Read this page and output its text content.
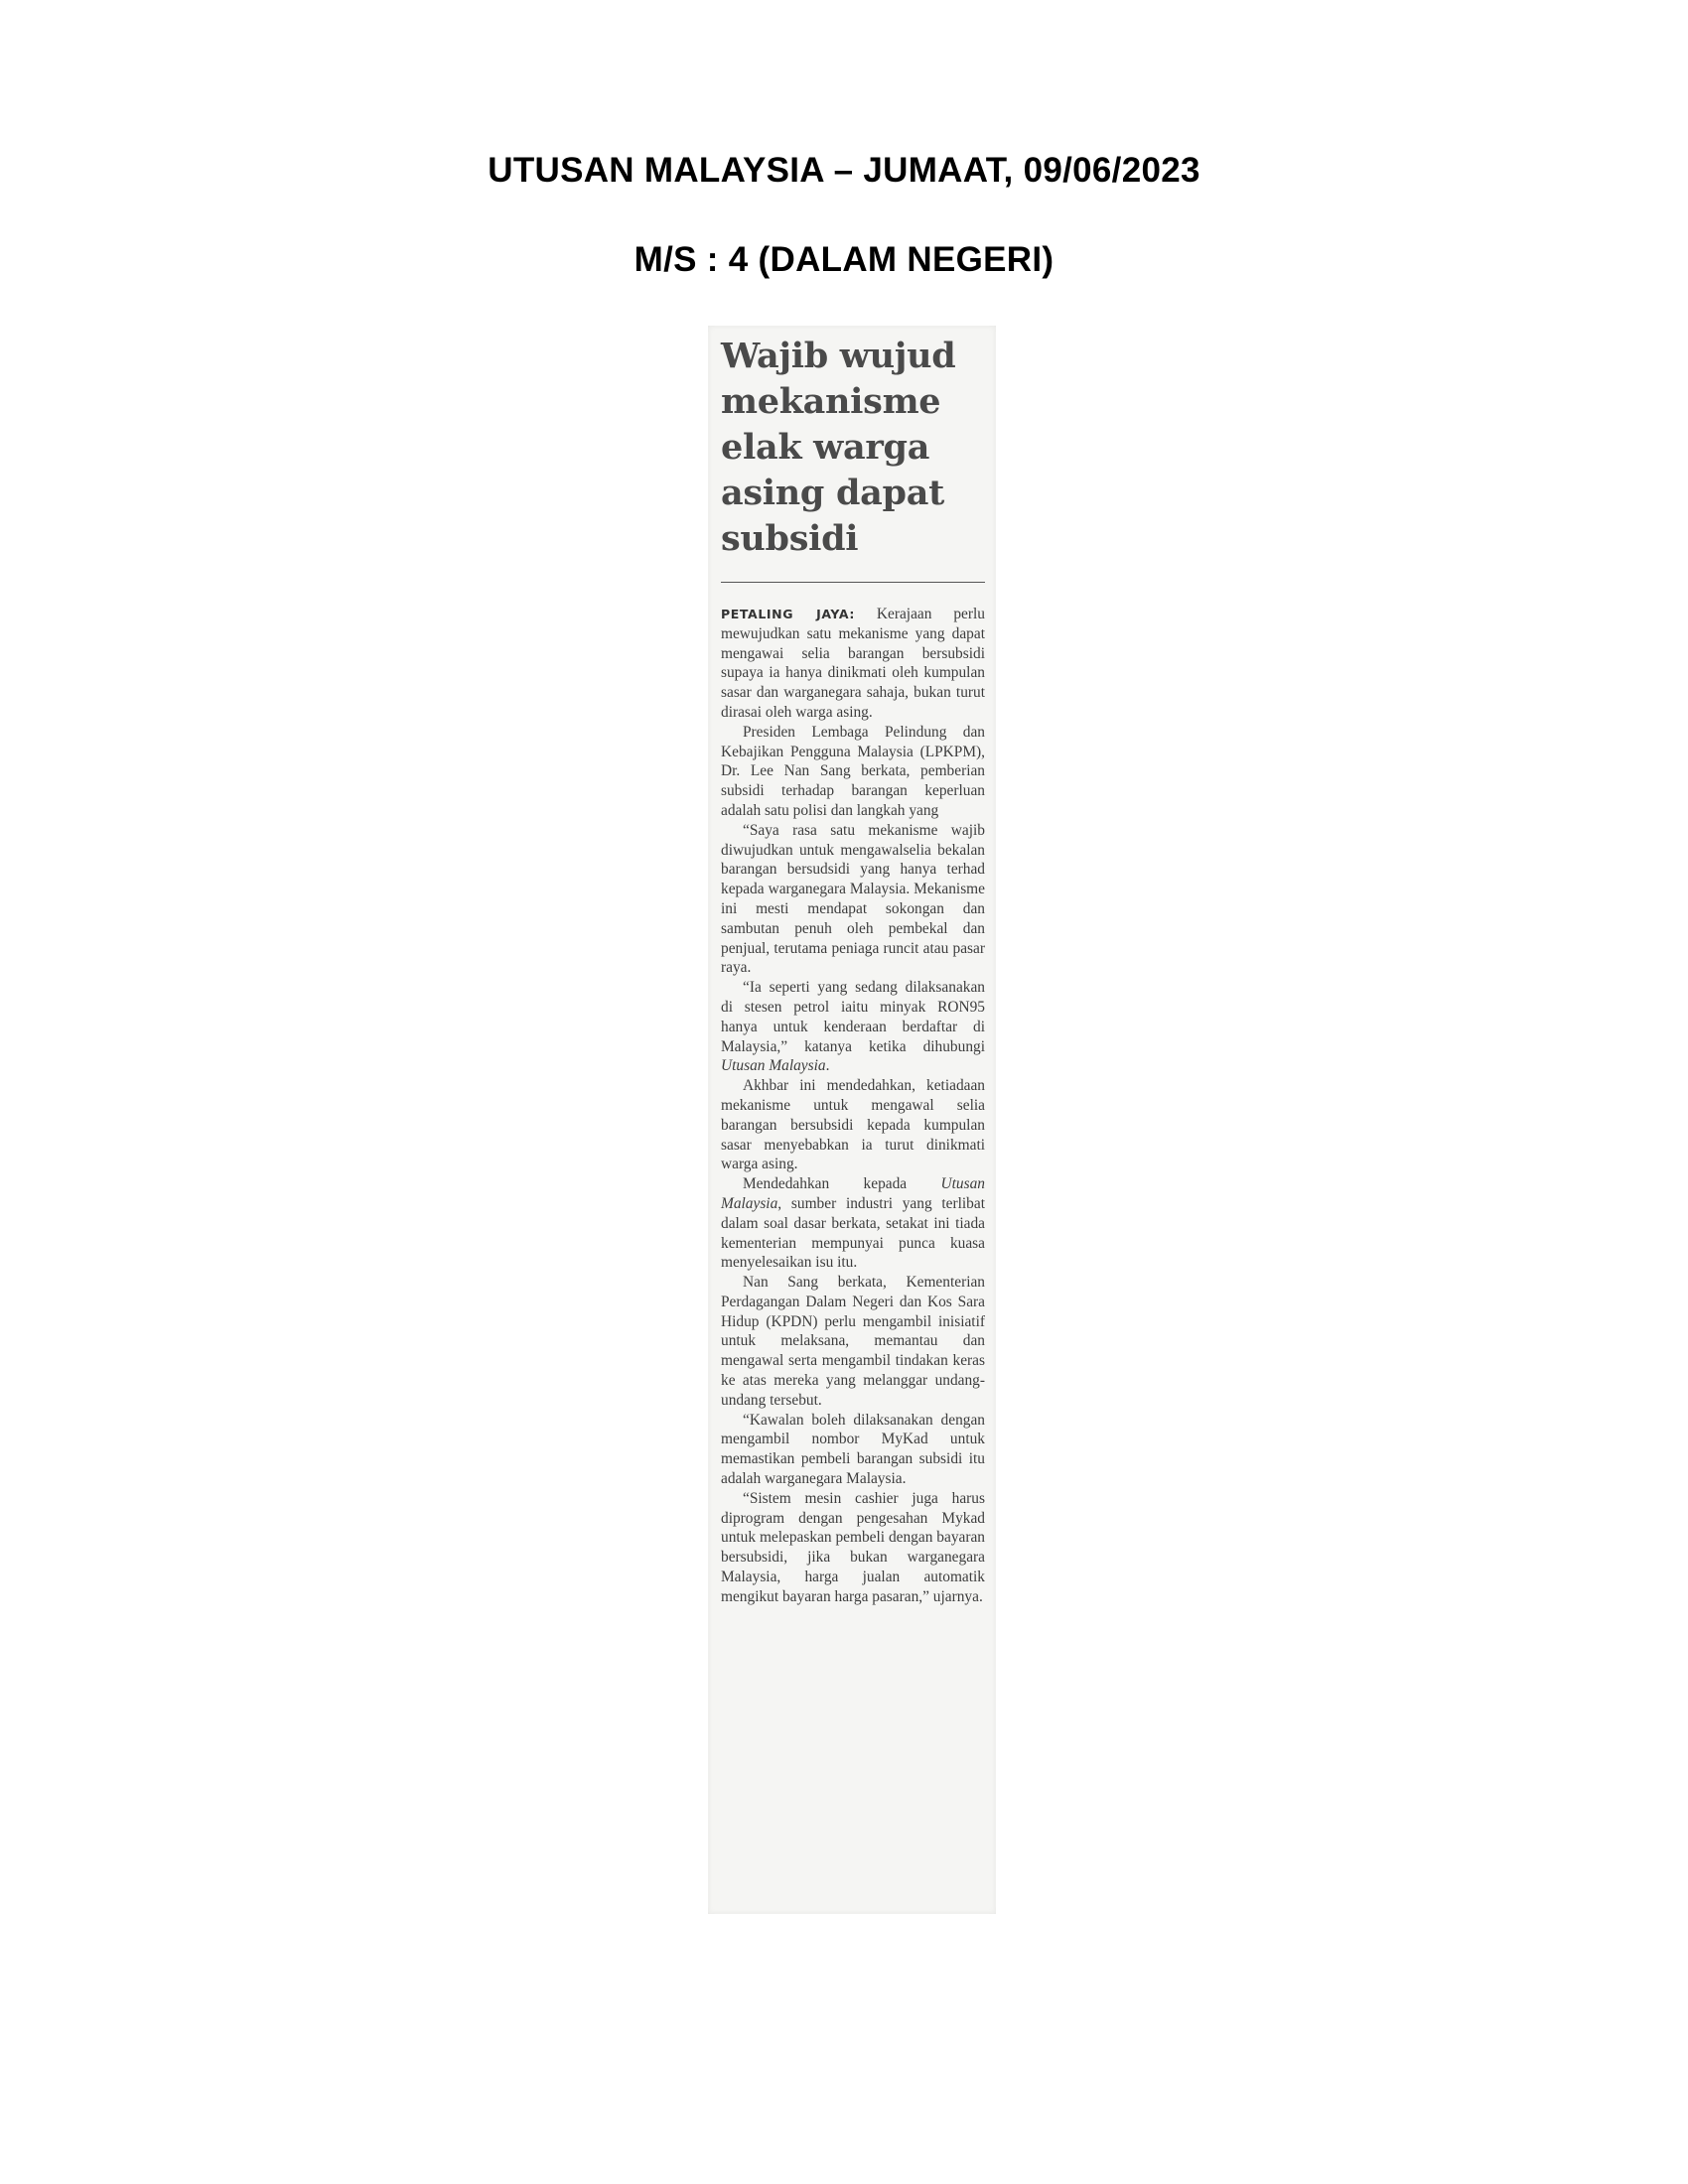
UTUSAN MALAYSIA – JUMAAT, 09/06/2023
M/S : 4 (DALAM NEGERI)
Wajib wujud mekanisme elak warga asing dapat subsidi

PETALING JAYA: Kerajaan perlu mewujudkan satu mekanisme yang dapat mengawai selia barangan bersubsidi supaya ia hanya dinikmati oleh kumpulan sasar dan warganegara sahaja, bukan turut dirasai oleh warga asing.

Presiden Lembaga Pelindung dan Kebajikan Pengguna Malaysia (LPKPM), Dr. Lee Nan Sang berkata, pemberian subsidi terhadap barangan keperluan adalah satu polisi dan langkah yang

“Saya rasa satu mekanisme wajib diwujudkan untuk mengawalselia bekalan barangan bersudsidi yang hanya terhad kepada warganegara Malaysia. Mekanisme ini mesti mendapat sokongan dan sambutan penuh oleh pembekal dan penjual, terutama peniaga runcit atau pasar raya.

“Ia seperti yang sedang dilaksanakan di stesen petrol iaitu minyak RON95 hanya untuk kenderaan berdaftar di Malaysia,” katanya ketika dihubungi Utusan Malaysia.

Akhbar ini mendedahkan, ketiadaan mekanisme untuk mengawal selia barangan bersubsidi kepada kumpulan sasar menyebabkan ia turut dinikmati warga asing.

Mendedahkan kepada Utusan Malaysia, sumber industri yang terlibat dalam soal dasar berkata, setakat ini tiada kementerian mempunyai punca kuasa menyelesaikan isu itu.

Nan Sang berkata, Kementerian Perdagangan Dalam Negeri dan Kos Sara Hidup (KPDN) perlu mengambil inisiatif untuk melaksana, memantau dan mengawal serta mengambil tindakan keras ke atas mereka yang melanggar undang-undang tersebut.

“Kawalan boleh dilaksanakan dengan mengambil nombor MyKad untuk memastikan pembeli barangan subsidi itu adalah warganegara Malaysia.

“Sistem mesin cashier juga harus diprogram dengan pengesahan Mykad untuk melepaskan pembeli dengan bayaran bersubsidi, jika bukan warganegara Malaysia, harga jualan automatik mengikut bayaran harga pasaran,” ujarnya.
